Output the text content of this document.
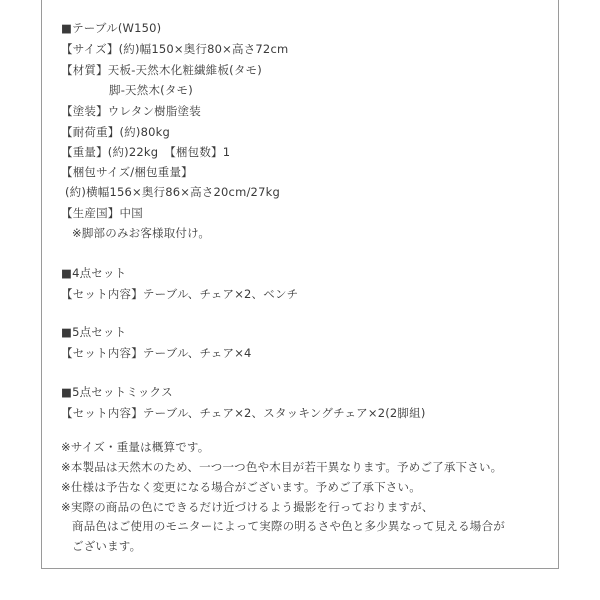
■テーブル(W150)
【サイズ】(約)幅150×奥行80×高さ72cm
【材質】天板-天然木化粧繊維板(タモ)
脚-天然木(タモ)
【塗装】ウレタン樹脂塗装
【耐荷重】(約)80kg
【重量】(約)22kg　【梱包数】1
【梱包サイズ/梱包重量】
(約)横幅156×奥行86×高さ20cm/27kg
【生産国】中国
※脚部のみお客様取付け。
■4点セット
【セット内容】テーブル、チェア×2、ベンチ
■5点セット
【セット内容】テーブル、チェア×4
■5点セットミックス
【セット内容】テーブル、チェア×2、スタッキングチェア×2(2脚組)
※サイズ・重量は概算です。
※本製品は天然木のため、一つ一つ色や木目が若干異なります。予めご了承下さい。
※仕様は予告なく変更になる場合がございます。予めご了承下さい。
※実際の商品の色にできるだけ近づけるよう撮影を行っておりますが、
商品色はご使用のモニターによって実際の明るさや色と多少異なって見える場合が
ございます。
